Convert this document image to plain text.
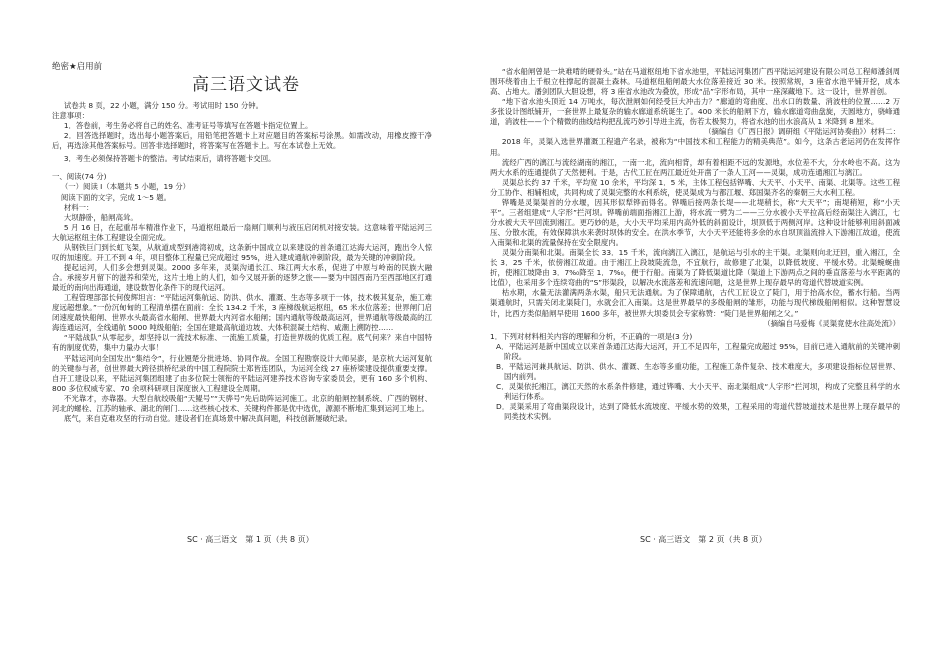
绝密★启用前
高三语文试卷

试卷共 8 页，22 小题，满分 150 分。考试用时 150 分钟。

注意事项：

1．答卷前，考生务必将自己的姓名、准考证号等填写在答题卡指定位置上。

2．回答选择题时，选出每小题答案后，用铅笔把答题卡上对应题目的答案标号涂黑。如需改动，用橡皮擦干净后，再选涂其他答案标号。回答非选择题时，将答案写在答题卡上。写在本试卷上无效。

3．考生必须保持答题卡的整洁。考试结束后，请将答题卡交回。

一、阅读(74 分)

（一）阅读 Ⅰ（本题共 5 小题，19 分）

阅读下面的文字，完成 1～5 题。

材料一：

大坝静卧，船闸高耸。

5 月 16 日，在起重吊车精准作业下，马道枢纽最后一扇闸门顺利与液压启闭机对接安装。这意味着平陆运河三大航运枢纽主体工程建设全面完成。

从钢铁巨门到长虹飞架，从航道成型到港湾初成，这条新中国成立以来建设的首条通江达海大运河，跑出令人惊叹的加速度。开工不到 4 年，项目整体工程量已完成超过 95%，进入建成通航冲刺阶段，最为关键的冲刺阶段。

提起运河，人们多会想到灵渠。2000 多年来，灵渠沟通长江、珠江两大水系，促进了中原与岭南的民族大融合。承接岁月留下的滋养和荣光，这片土地上的人们，如今又展开新的逐梦之旅——要为中国西南乃至西部地区打通最近的南向出海通道，建设数智化条件下的现代运河。

工程管理部部长何俊辉坦言：“平陆运河集航运、防洪、供水、灌溉、生态等多项于一体，技术极其复杂，施工难度远超想象。”一份沉甸甸的工程清单摆在面前：全长 134.2 千米，3 座梯级航运枢纽，65 米水位落差；世界闸门启闭速度最快船闸、世界水头最高省水船闸、世界最大内河省水船闸；国内通航等级最高运河，世界通航等级最高的江海连通运河，全线通航 5000 吨级船舶；全国在建最高航道边坡、大体积混凝土结构、咸潮上溯防控……

“平陆战队”从零起步，却坚持以一流技术标准、一流施工质量，打造世界级的优质工程。底气何来？来自中国特有的制度优势，集中力量办大事！

平陆运河向全国发出“集结令”，行业翘楚分批进场、协同作战。全国工程勘察设计大师吴澎，是京杭大运河复航的关键参与者，创世界最大跨径拱桥纪录的中国工程院院士郑皆连团队，为运河全线 27 座桥梁建设提供重要支撑。自开工建设以来，平陆运河集团组建了由多位院士领衔的平陆运河建养技术咨询专家委员会，更有 160 多个机构、800 多位权威专家、70 余项科研项目深度嵌入工程建设全周期。

不光靠才，亦靠器。大型自航绞吸船“天鲲号”“天骅号”先后助阵运河施工。北京的船闸控制系统、广西的钢材、河北的螺栓、江苏的轴承、湖北的闸门……这些核心技术、关键构件都是优中选优，源源不断地汇集到运河工地上。

底气，来自克难攻坚的行动自觉。建设者们在真场景中解决真问题，科技创新屡破纪录。

SC · 高三语文　第 1 页（共 8 页）

“省水船闸曾是一块难啃的硬骨头。”站在马道枢纽地下省水池里，平陆运河集团广西平陆运河建设有限公司总工程师潘剑周围环绕着由上千根立柱撑起的混凝土森林。马道枢纽船闸最大水位落差接近 30 米。按照常规，3 座省水池平铺开挖，成本高、占地大。潘剑团队大胆设想，将 3 座省水池改为叠放，形成“品”字形布局，其中一座深藏地下。这一设计，世界首创。

“地下省水池头顶近 14 万吨水，每次泄闸如何经受巨大冲击力？”廊道的弯曲度、出水口的数量、消波柱的位置……2 万多张设计图纸铺开，一套世界上最复杂的输水廊道系统诞生了。400 米长的船闸下方，输水廊道弯曲盘旋，天圆地方，骁峰通道，消波柱——个个精微的曲线结构把乱流巧妙引导进主流，伤若太极契力，将省水池的出水浪高从 1 米降到 8 厘米。

（摘编自《广西日报》调研组《平陆运河协奏曲》）材料二：

2018 年，灵渠入选世界灌溉工程遗产名录，被称为“中国技术和工程能力的精美典范”。如今，这条古老运河仍在发挥作用。

流经广西的漓江与流经湖南的湘江，一南一北，流向相背，却有着相距不远的发源地，水位差不大，分水岭也不高。这为两大水系的连通提供了天然便利。于是，古代工匠在两江最近处开凿了一条人工河——灵渠，成功连通湘江与漓江。

灵渠总长约 37 千米，平均宽 10 余米，平均深 1．5 米，主体工程包括铧嘴、大天平、小天平、南渠、北渠等。这些工程分工协作、相辅相成，共同构成了灵渠完整的水利系统，使灵渠成为与都江堰、郑国渠齐名的秦朝三大水利工程。

铧嘴是灵渠渠首的分水堰，因其形似犁铧而得名。铧嘴后接两条长堤——北堤稍长，称“大天平”；南堤稍短，称“小天平”。三者组建成“人字形”拦河坝。铧嘴前端面指湘江上游，将水流一劈为二——三分水被小天平拉高后经南渠注入漓江，七分水被大天平回流到湘江。更巧妙的是，大小天平均采用内高外低的斜面设计，坝顶低于两侧河岸。这种设计能够利用斜面减压、分散水流，有效保障洪水来袭时坝体的安全。在洪水季节，大小天平还能将多余的水自坝顶溢流排入下游湘江故道，使流入南渠和北渠的流量保持在安全限度内。

灵渠分南渠和北渠。南渠全长 33．15 千米，流向漓江入漓江，是航运与引水的主干渠。北渠则向北迂回，重入湘江，全长 3．25 千米，依傍湘江故道。由于湘江上段坡陡流急，不宜航行，故修建了北渠，以降低坡度、平缓水势。北渠蜿蜒曲折，使湘江坡降由 3．7%₀降至 1．7%₀，便于行船。南渠为了降低渠道比降（渠道上下游两点之间的垂直落差与水平距离的比值），也采用多个连续弯曲的“S”形渠段，以解决水流落差和流速问题，这是世界上现存最早的弯道代替坡道实例。

枯水期，水量无法灌满两条水渠，船只无法通航。为了保障通航，古代工匠设立了陡门，用于抬高水位，蓄水行船。当两渠通航时，只需关闭北渠陡门，水就会汇入南渠。这是世界最早的多级船闸的雏形，功能与现代梯级船闸相似。这种智慧设计，比西方类似船闸早使用 1600 多年，被世界大坝委员会专家称赞：“陡门是世界船闸之父。”

（摘编自马爱梅《灵渠竟使水往高处流》）

1．下列对材料相关内容的理解和分析，不正确的一项是(3 分)

A．平陆运河是新中国成立以来首条通江达海大运河，开工不足四年，工程量完成超过 95%，目前已进入通航前的关键冲刺阶段。

B．平陆运河兼具航运、防洪、供水、灌溉、生态等多重功能，工程施工条件复杂、技术难度大，多项建设指标位居世界、国内前列。

C．灵渠依托湘江，漓江天然的水系条件修建，通过铧嘴、大小天平、南北渠组成“人字形”拦河坝，构成了完整且科学的水利运行体系。

D．灵渠采用了弯曲渠段设计，达到了降低水流坡度、平缓水势的效果，工程采用的弯道代替坡道技术是世界上现存最早的同类技术实例。

SC · 高三语文　第 2 页（共 8 页）
